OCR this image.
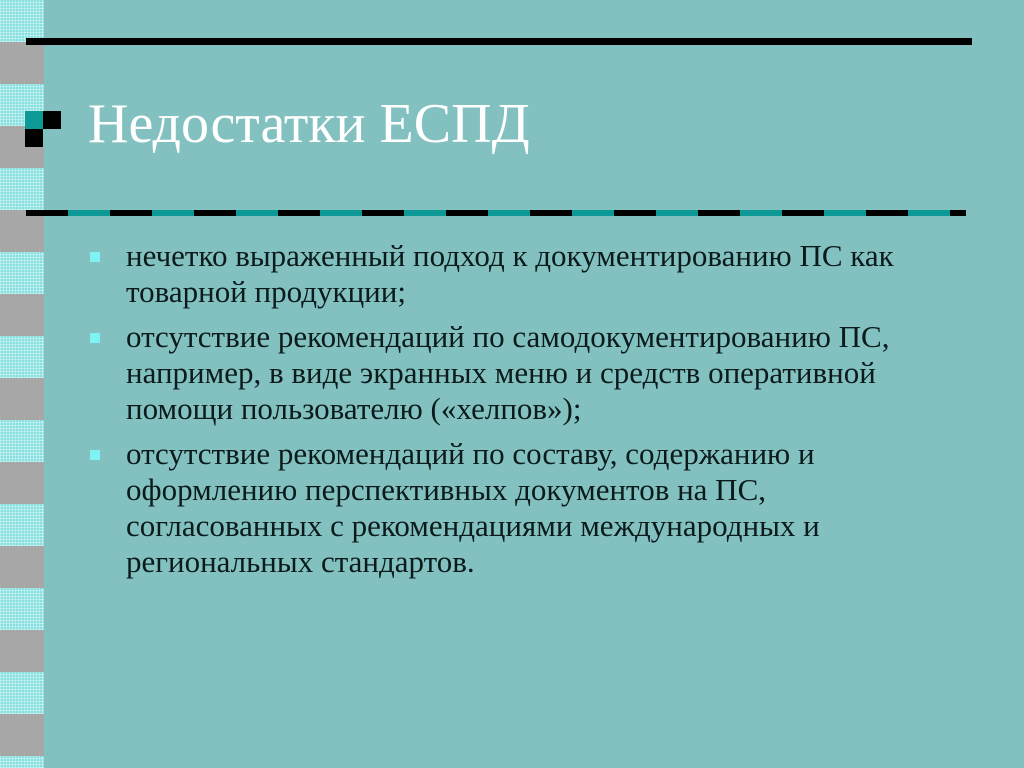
Недостатки ЕСПД
нечетко выраженный подход к документированию ПС как товарной продукции;
отсутствие рекомендаций по самодокументированию ПС, например, в виде экранных меню и средств оперативной помощи пользователю («хелпов»);
отсутствие рекомендаций по составу, содержанию и оформлению перспективных документов на ПС, согласованных с рекомендациями международных и региональных стандартов.
